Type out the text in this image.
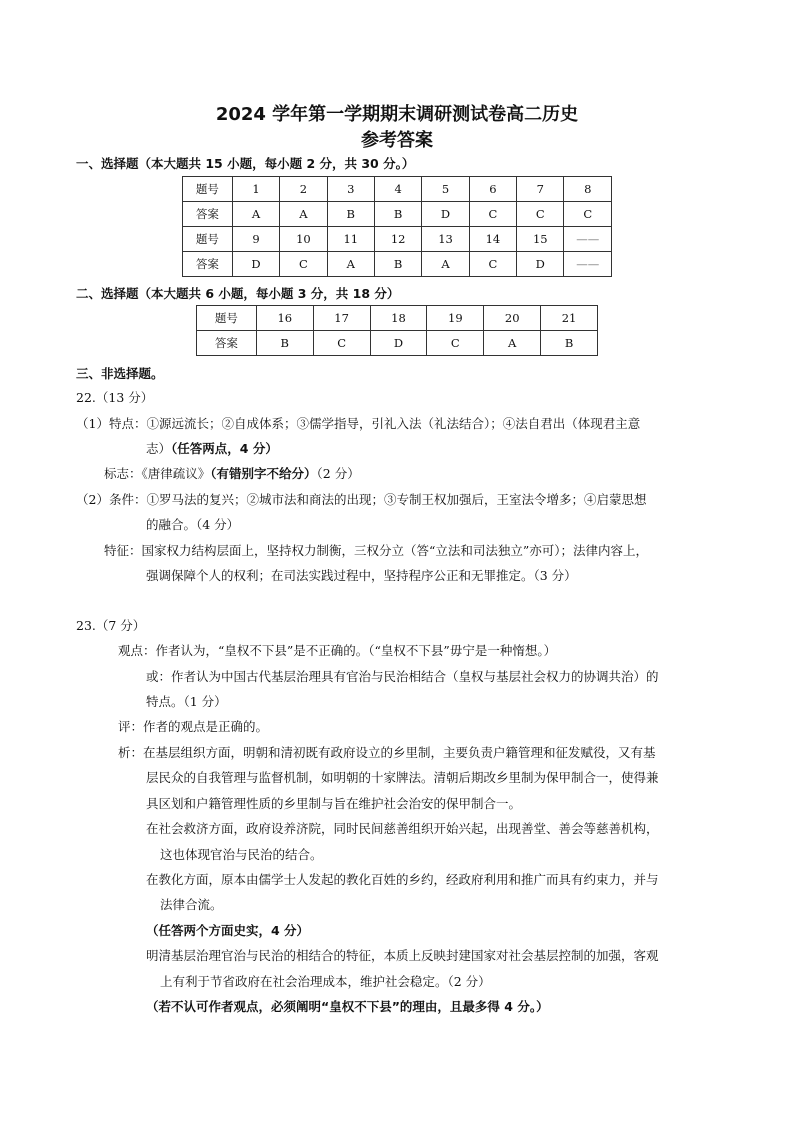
2024 学年第一学期期末调研测试卷高二历史
参考答案
一、选择题（本大题共 15 小题，每小题 2 分，共 30 分。）
题号	1	2	3	4	5	6	7	8
答案	A	A	B	B	D	C	C	C
题号	9	10	11	12	13	14	15	——
答案	D	C	A	B	A	C	D	——
二、选择题（本大题共 6 小题，每小题 3 分，共 18 分）
题号	16	17	18	19	20	21
答案	B	C	D	C	A	B
三、非选择题。
22.（13 分）
（1）特点：①源远流长；②自成体系；③儒学指导，引礼入法（礼法结合）；④法自君出（体现君主意
志）（任答两点，4 分）
标志：《唐律疏议》（有错别字不给分）（2 分）
（2）条件：①罗马法的复兴；②城市法和商法的出现；③专制王权加强后，王室法令增多；④启蒙思想
的融合。（4 分）
特征：国家权力结构层面上，坚持权力制衡，三权分立（答“立法和司法独立”亦可）；法律内容上，
强调保障个人的权利；在司法实践过程中，坚持程序公正和无罪推定。（3 分）
23.（7 分）
观点：作者认为，“皇权不下县”是不正确的。（“皇权不下县”毋宁是一种惰想。）
或：作者认为中国古代基层治理具有官治与民治相结合（皇权与基层社会权力的协调共治）的
特点。（1 分）
评：作者的观点是正确的。
析：在基层组织方面，明朝和清初既有政府设立的乡里制，主要负责户籍管理和征发赋役，又有基
层民众的自我管理与监督机制，如明朝的十家牌法。清朝后期改乡里制为保甲制合一，使得兼
具区划和户籍管理性质的乡里制与旨在维护社会治安的保甲制合一。
在社会救济方面，政府设养济院，同时民间慈善组织开始兴起，出现善堂、善会等慈善机构，
这也体现官治与民治的结合。
在教化方面，原本由儒学士人发起的教化百姓的乡约，经政府利用和推广而具有约束力，并与
法律合流。
（任答两个方面史实，4 分）
明清基层治理官治与民治的相结合的特征，本质上反映封建国家对社会基层控制的加强，客观
上有利于节省政府在社会治理成本，维护社会稳定。（2 分）
（若不认可作者观点，必须阐明“皇权不下县”的理由，且最多得 4 分。）
